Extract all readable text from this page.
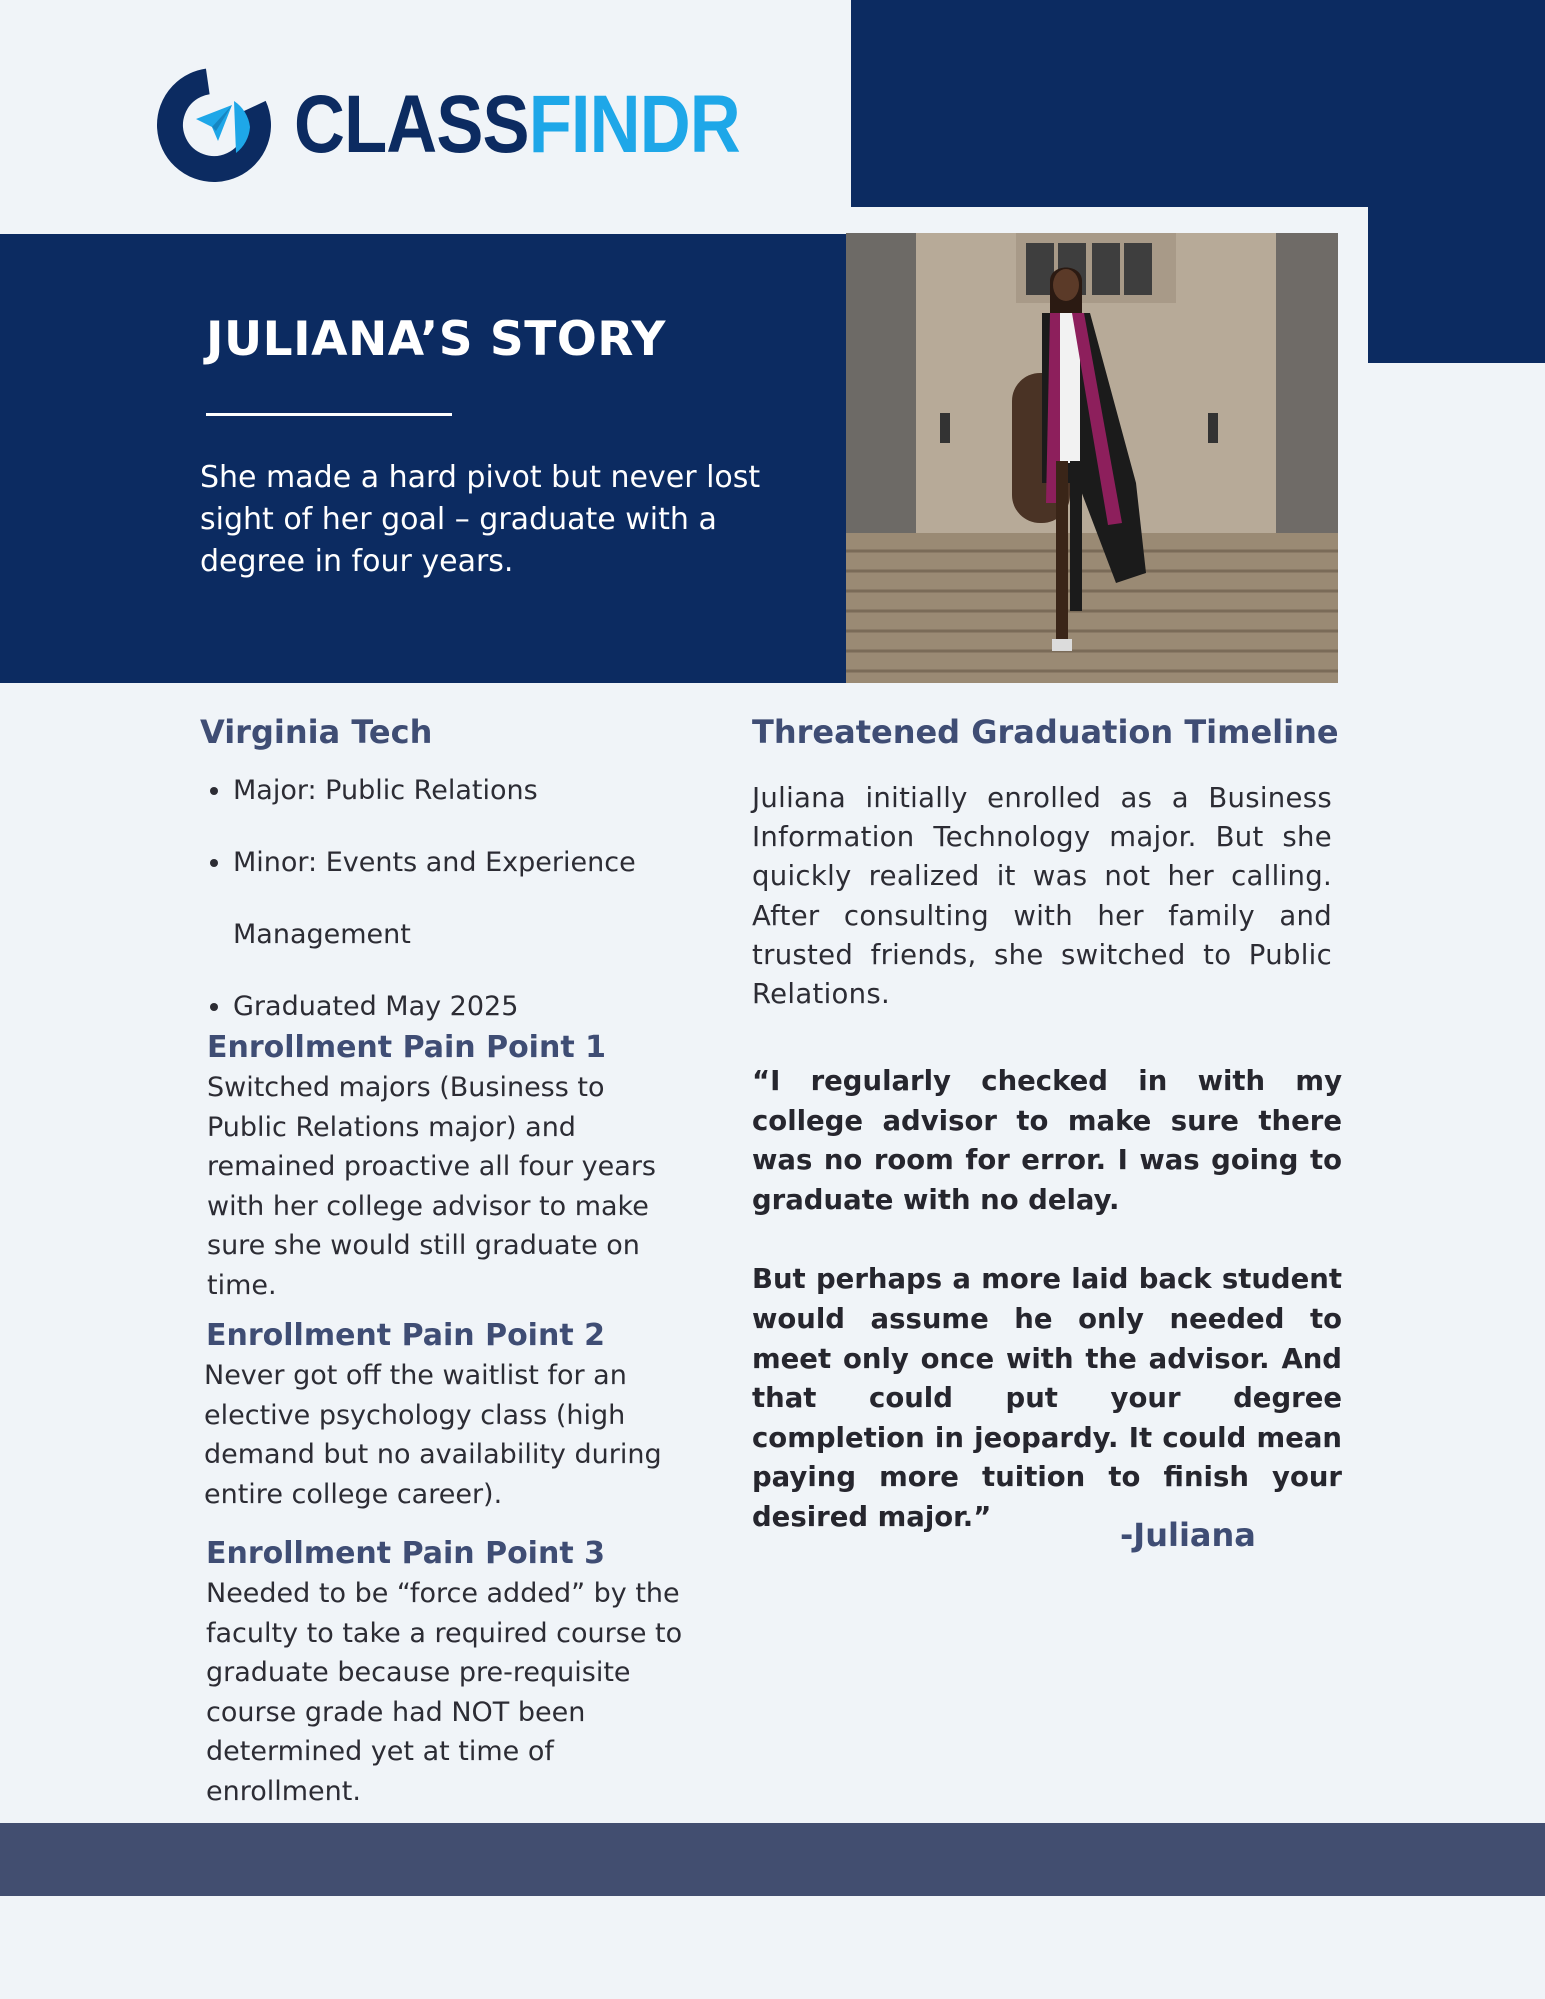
CLASSFINDR
JULIANA’S STORY
She made a hard pivot but never lost sight of her goal – graduate with a degree in four years.
Virginia Tech
• Major: Public Relations
• Minor: Events and Experience Management
• Graduated May 2025
Enrollment Pain Point 1
Switched majors (Business to Public Relations major) and remained proactive all four years with her college advisor to make sure she would still graduate on time.
Enrollment Pain Point 2
Never got off the waitlist for an elective psychology class (high demand but no availability during entire college career).
Enrollment Pain Point 3
Needed to be “force added” by the faculty to take a required course to graduate because pre-requisite course grade had NOT been determined yet at time of enrollment.
Threatened Graduation Timeline
Juliana initially enrolled as a Business Information Technology major. But she quickly realized it was not her calling. After consulting with her family and trusted friends, she switched to Public Relations.

“I regularly checked in with my college advisor to make sure there was no room for error. I was going to graduate with no delay.

But perhaps a more laid back student would assume he only needed to meet only once with the advisor. And that could put your degree completion in jeopardy. It could mean paying more tuition to finish your desired major.”	-Juliana
